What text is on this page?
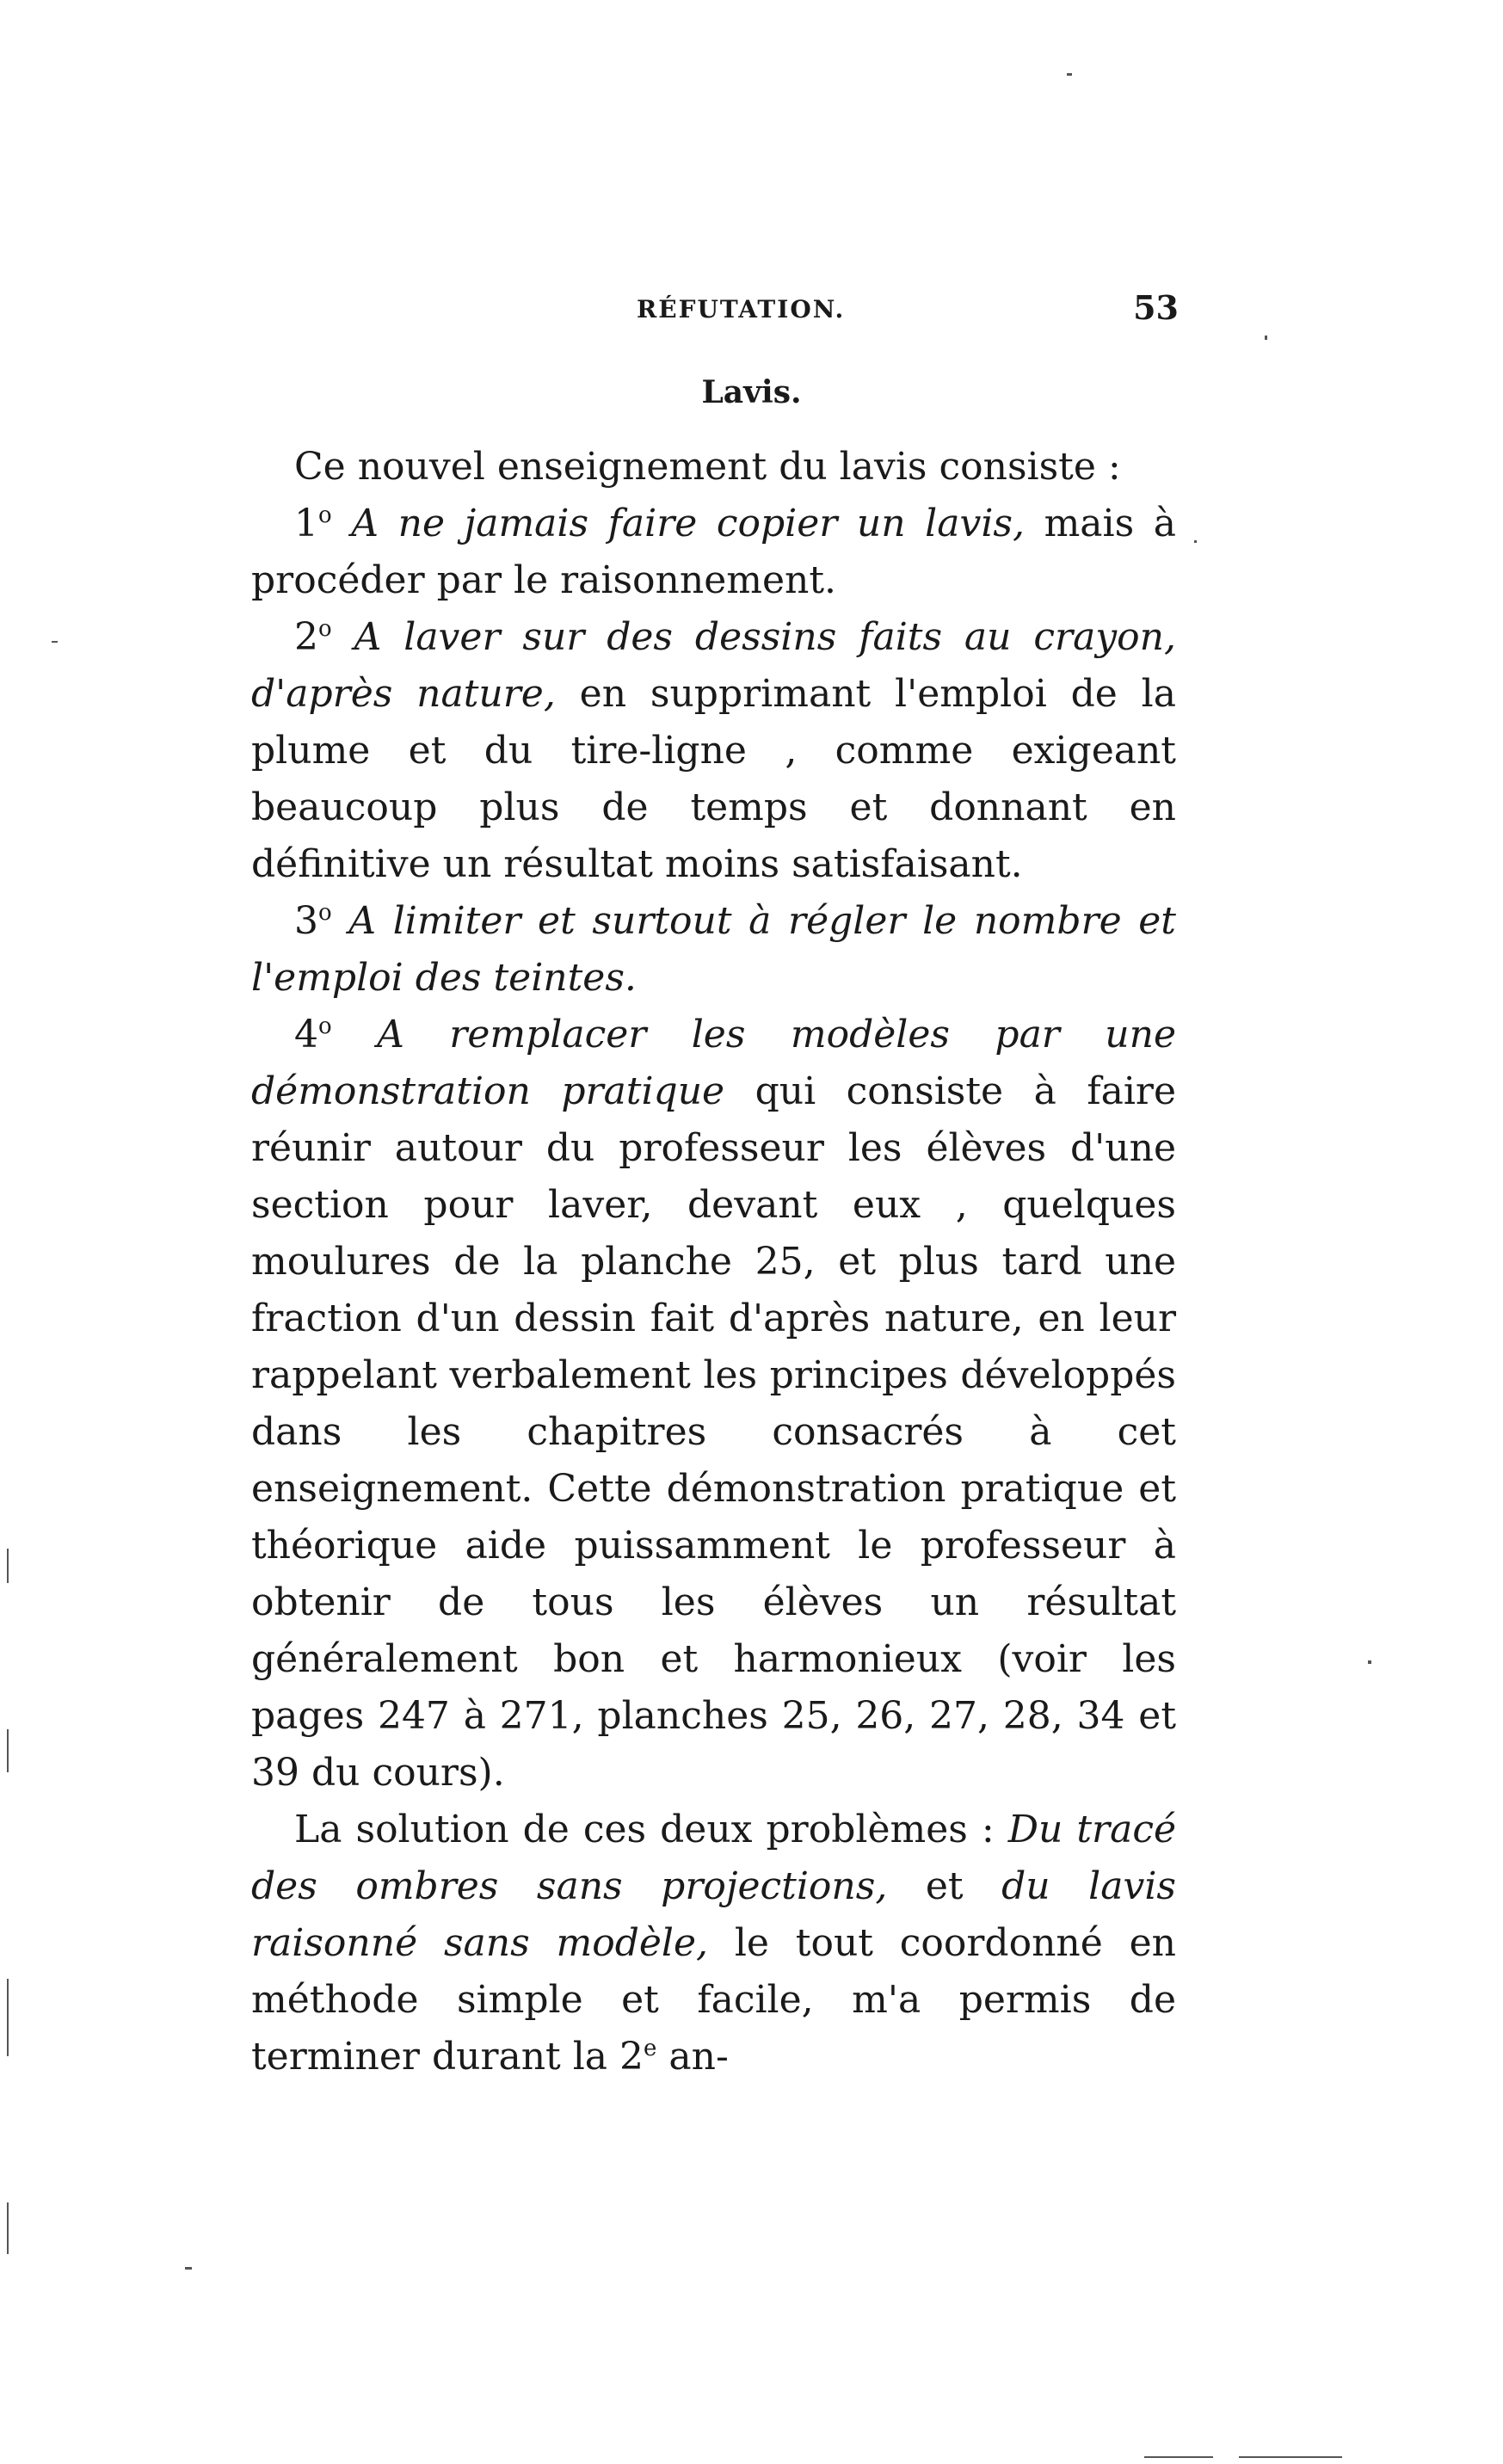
RÉFUTATION.	53
Lavis.

Ce nouvel enseignement du lavis consiste :

1$^o$ A ne jamais faire copier un lavis, mais à procéder par le raisonnement.

2$^o$ A laver sur des dessins faits au crayon, d'après nature, en supprimant l'emploi de la plume et du tire-ligne , comme exigeant beaucoup plus de temps et donnant en définitive un résultat moins satisfaisant.

3$^o$ A limiter et surtout à régler le nombre et l'emploi des teintes.

4$^o$ A remplacer les modèles par une démonstration pratique qui consiste à faire réunir autour du professeur les élèves d'une section pour laver, devant eux , quelques moulures de la planche 25, et plus tard une fraction d'un dessin fait d'après nature, en leur rappelant verbalement les principes développés dans les chapitres consacrés à cet enseignement. Cette démonstration pratique et théorique aide puissamment le professeur à obtenir de tous les élèves un résultat généralement bon et harmonieux (voir les pages 247 à 271, planches 25, 26, 27, 28, 34 et 39 du cours).

La solution de ces deux problèmes : Du tracé des ombres sans projections, et du lavis raisonné sans modèle, le tout coordonné en méthode simple et facile, m'a permis de terminer durant la 2e an-
